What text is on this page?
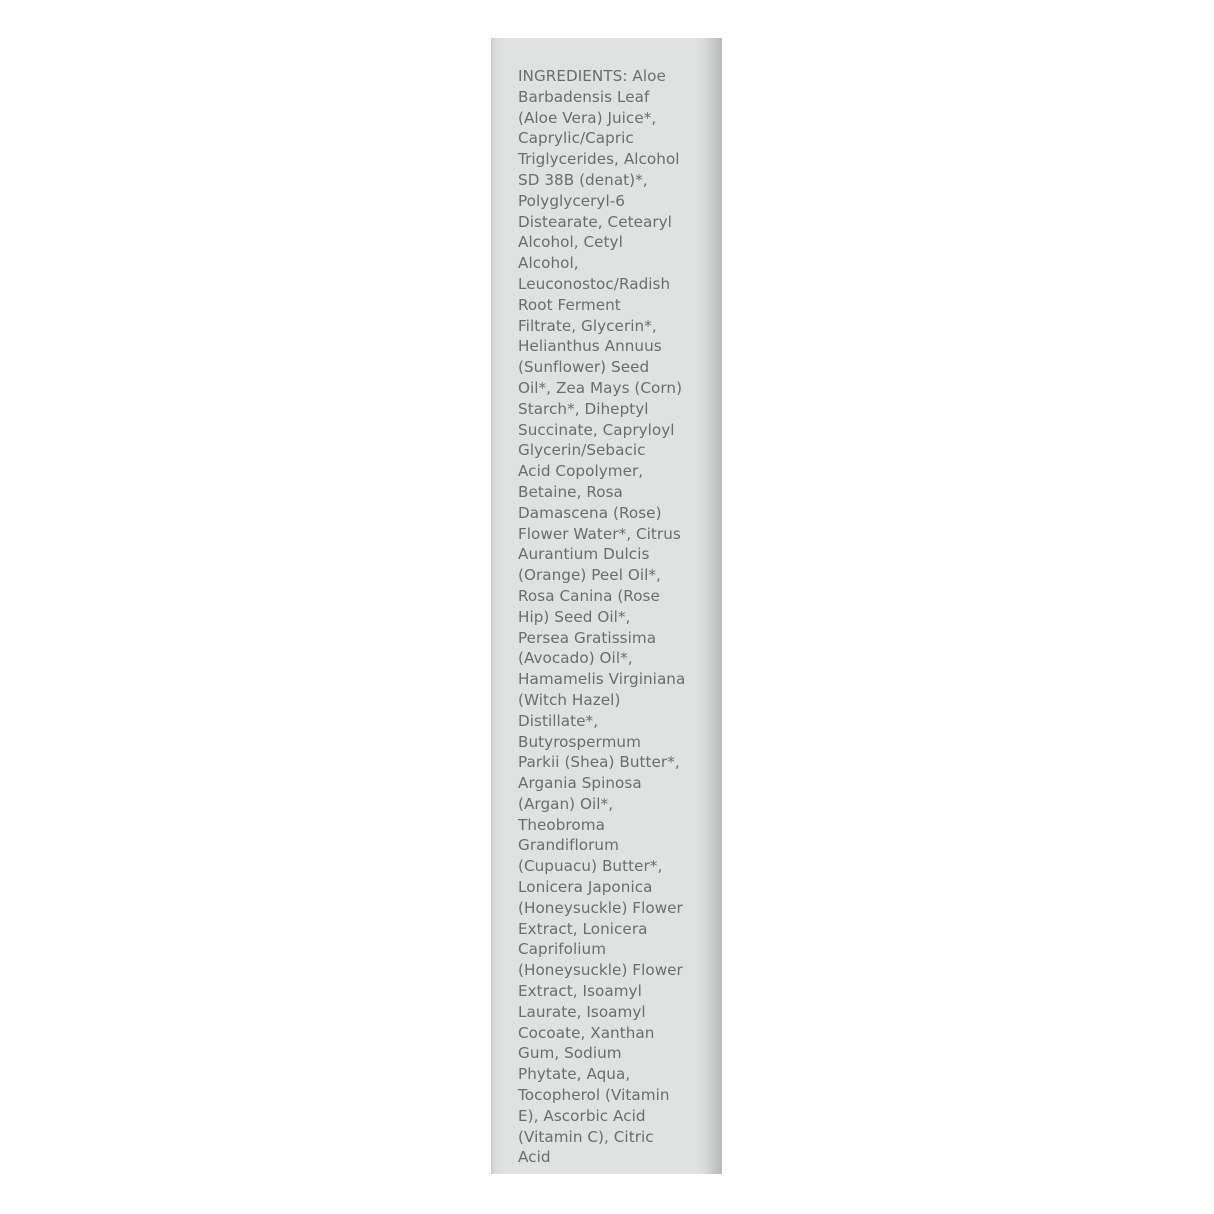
INGREDIENTS: Aloe
Barbadensis Leaf
(Aloe Vera) Juice*,
Caprylic/Capric
Triglycerides, Alcohol
SD 38B (denat)*,
Polyglyceryl-6
Distearate, Cetearyl
Alcohol, Cetyl
Alcohol,
Leuconostoc/Radish
Root Ferment
Filtrate, Glycerin*,
Helianthus Annuus
(Sunflower) Seed
Oil*, Zea Mays (Corn)
Starch*, Diheptyl
Succinate, Capryloyl
Glycerin/Sebacic
Acid Copolymer,
Betaine, Rosa
Damascena (Rose)
Flower Water*, Citrus
Aurantium Dulcis
(Orange) Peel Oil*,
Rosa Canina (Rose
Hip) Seed Oil*,
Persea Gratissima
(Avocado) Oil*,
Hamamelis Virginiana
(Witch Hazel)
Distillate*,
Butyrospermum
Parkii (Shea) Butter*,
Argania Spinosa
(Argan) Oil*,
Theobroma
Grandiflorum
(Cupuacu) Butter*,
Lonicera Japonica
(Honeysuckle) Flower
Extract, Lonicera
Caprifolium
(Honeysuckle) Flower
Extract, Isoamyl
Laurate, Isoamyl
Cocoate, Xanthan
Gum, Sodium
Phytate, Aqua,
Tocopherol (Vitamin
E), Ascorbic Acid
(Vitamin C), Citric
Acid
